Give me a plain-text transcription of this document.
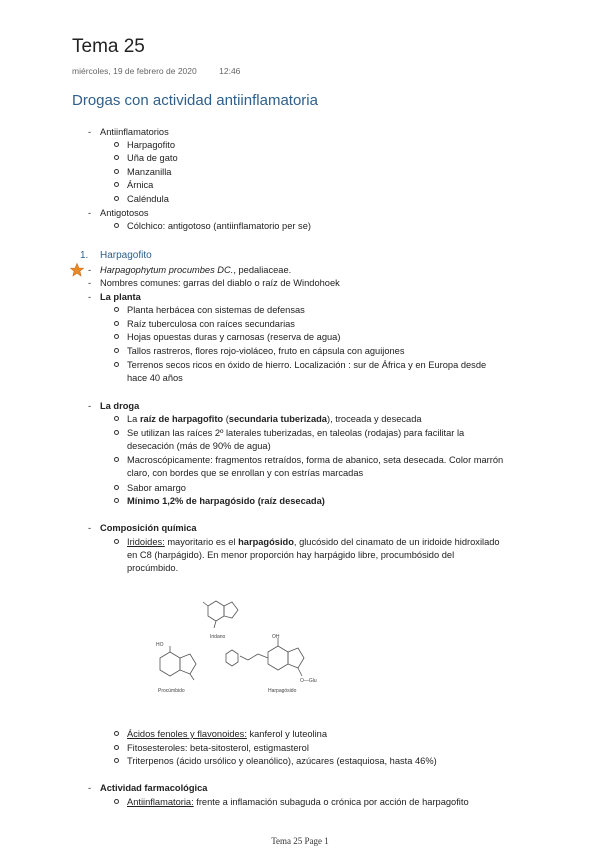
Tema 25
miércoles, 19 de febrero de 2020	12:46
Drogas con actividad antiinflamatoria
- Antiinflamatorios
Harpagofito
Uña de gato
Manzanilla
Árnica
Caléndula
- Antigotosos
Cólchico: antigotoso (antiinflamatorio per se)
1. Harpagofito
- Harpagophytum procumbes DC., pedaliaceae.
- Nombres comunes: garras del diablo o raíz de Windohoek
- La planta
Planta herbácea con sistemas de defensas
Raíz tuberculosa con raíces secundarias
Hojas opuestas duras y carnosas (reserva de agua)
Tallos rastreros, flores rojo-violáceo, fruto en cápsula con aguijones
Terrenos secos ricos en óxido de hierro. Localización : sur de África y en Europa desde hace 40 años
- La droga
La raíz de harpagofito (secundaria tuberizada), troceada y desecada
Se utilizan las raíces 2º laterales tuberizadas, en taleolas (rodajas) para facilitar la desecación (más de 90% de agua)
Macroscópicamente: fragmentos retraídos, forma de abanico, seta desecada. Color marrón claro, con bordes que se enrollan y con estrías marcadas
Sabor amargo
Mínimo 1,2% de harpagósido (raíz desecada)
- Composición química
Iridoides: mayoritario es el harpagósido, glucósido del cinamato de un iridoide hidroxilado en C8 (harpágido). En menor proporción hay harpágido libre, procumbósido del procúmbido.
Iridano
Procúmbido	Harpagósido
HO
OH
O—Glu
Ácidos fenoles y flavonoides: kanferol y luteolina
Fitosesteroles: beta-sitosterol, estigmasterol
Triterpenos (ácido ursólico y oleanólico), azúcares (estaquiosa, hasta 46%)
- Actividad farmacológica
Antiinflamatoria: frente a inflamación subaguda o crónica por acción de harpagofito
Tema 25 Page 1
